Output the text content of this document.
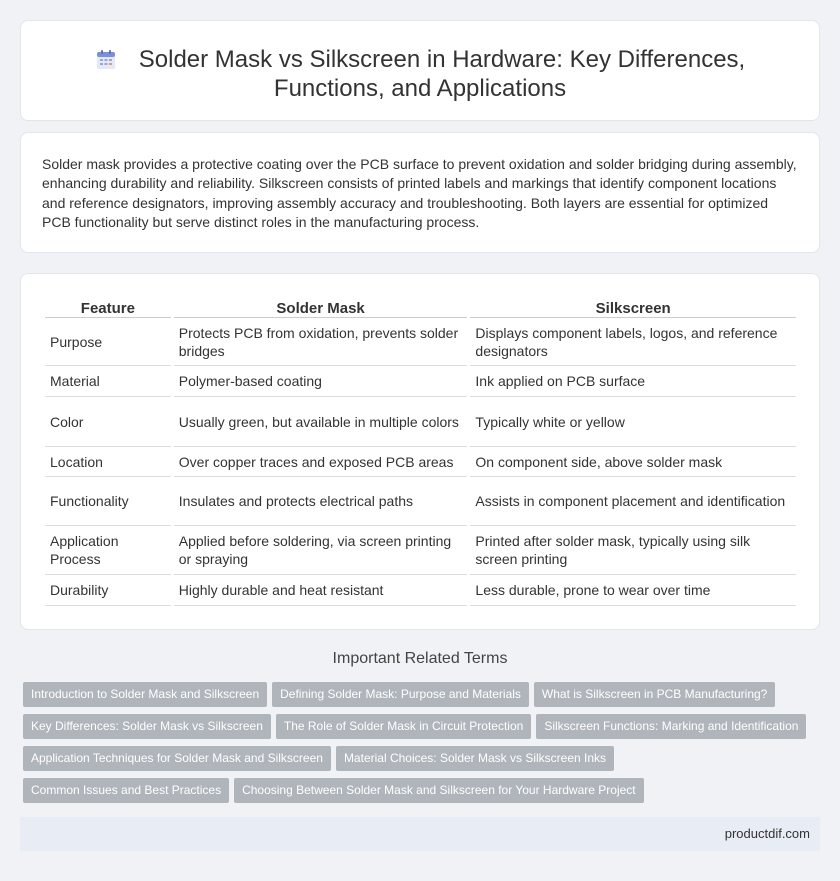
Solder Mask vs Silkscreen in Hardware: Key Differences, Functions, and Applications

Solder mask provides a protective coating over the PCB surface to prevent oxidation and solder bridging during assembly, enhancing durability and reliability. Silkscreen consists of printed labels and markings that identify component locations and reference designators, improving assembly accuracy and troubleshooting. Both layers are essential for optimized PCB functionality but serve distinct roles in the manufacturing process.

Feature	Solder Mask	Silkscreen
Purpose	Protects PCB from oxidation, prevents solder bridges	Displays component labels, logos, and reference designators
Material	Polymer-based coating	Ink applied on PCB surface
Color	Usually green, but available in multiple colors	Typically white or yellow
Location	Over copper traces and exposed PCB areas	On component side, above solder mask
Functionality	Insulates and protects electrical paths	Assists in component placement and identification
Application Process	Applied before soldering, via screen printing or spraying	Printed after solder mask, typically using silk screen printing
Durability	Highly durable and heat resistant	Less durable, prone to wear over time
Important Related Terms
Introduction to Solder Mask and Silkscreen Defining Solder Mask: Purpose and Materials What is Silkscreen in PCB Manufacturing?
Key Differences: Solder Mask vs Silkscreen The Role of Solder Mask in Circuit Protection Silkscreen Functions: Marking and Identification
Application Techniques for Solder Mask and Silkscreen Material Choices: Solder Mask vs Silkscreen Inks
Common Issues and Best Practices Choosing Between Solder Mask and Silkscreen for Your Hardware Project
productdif.com
